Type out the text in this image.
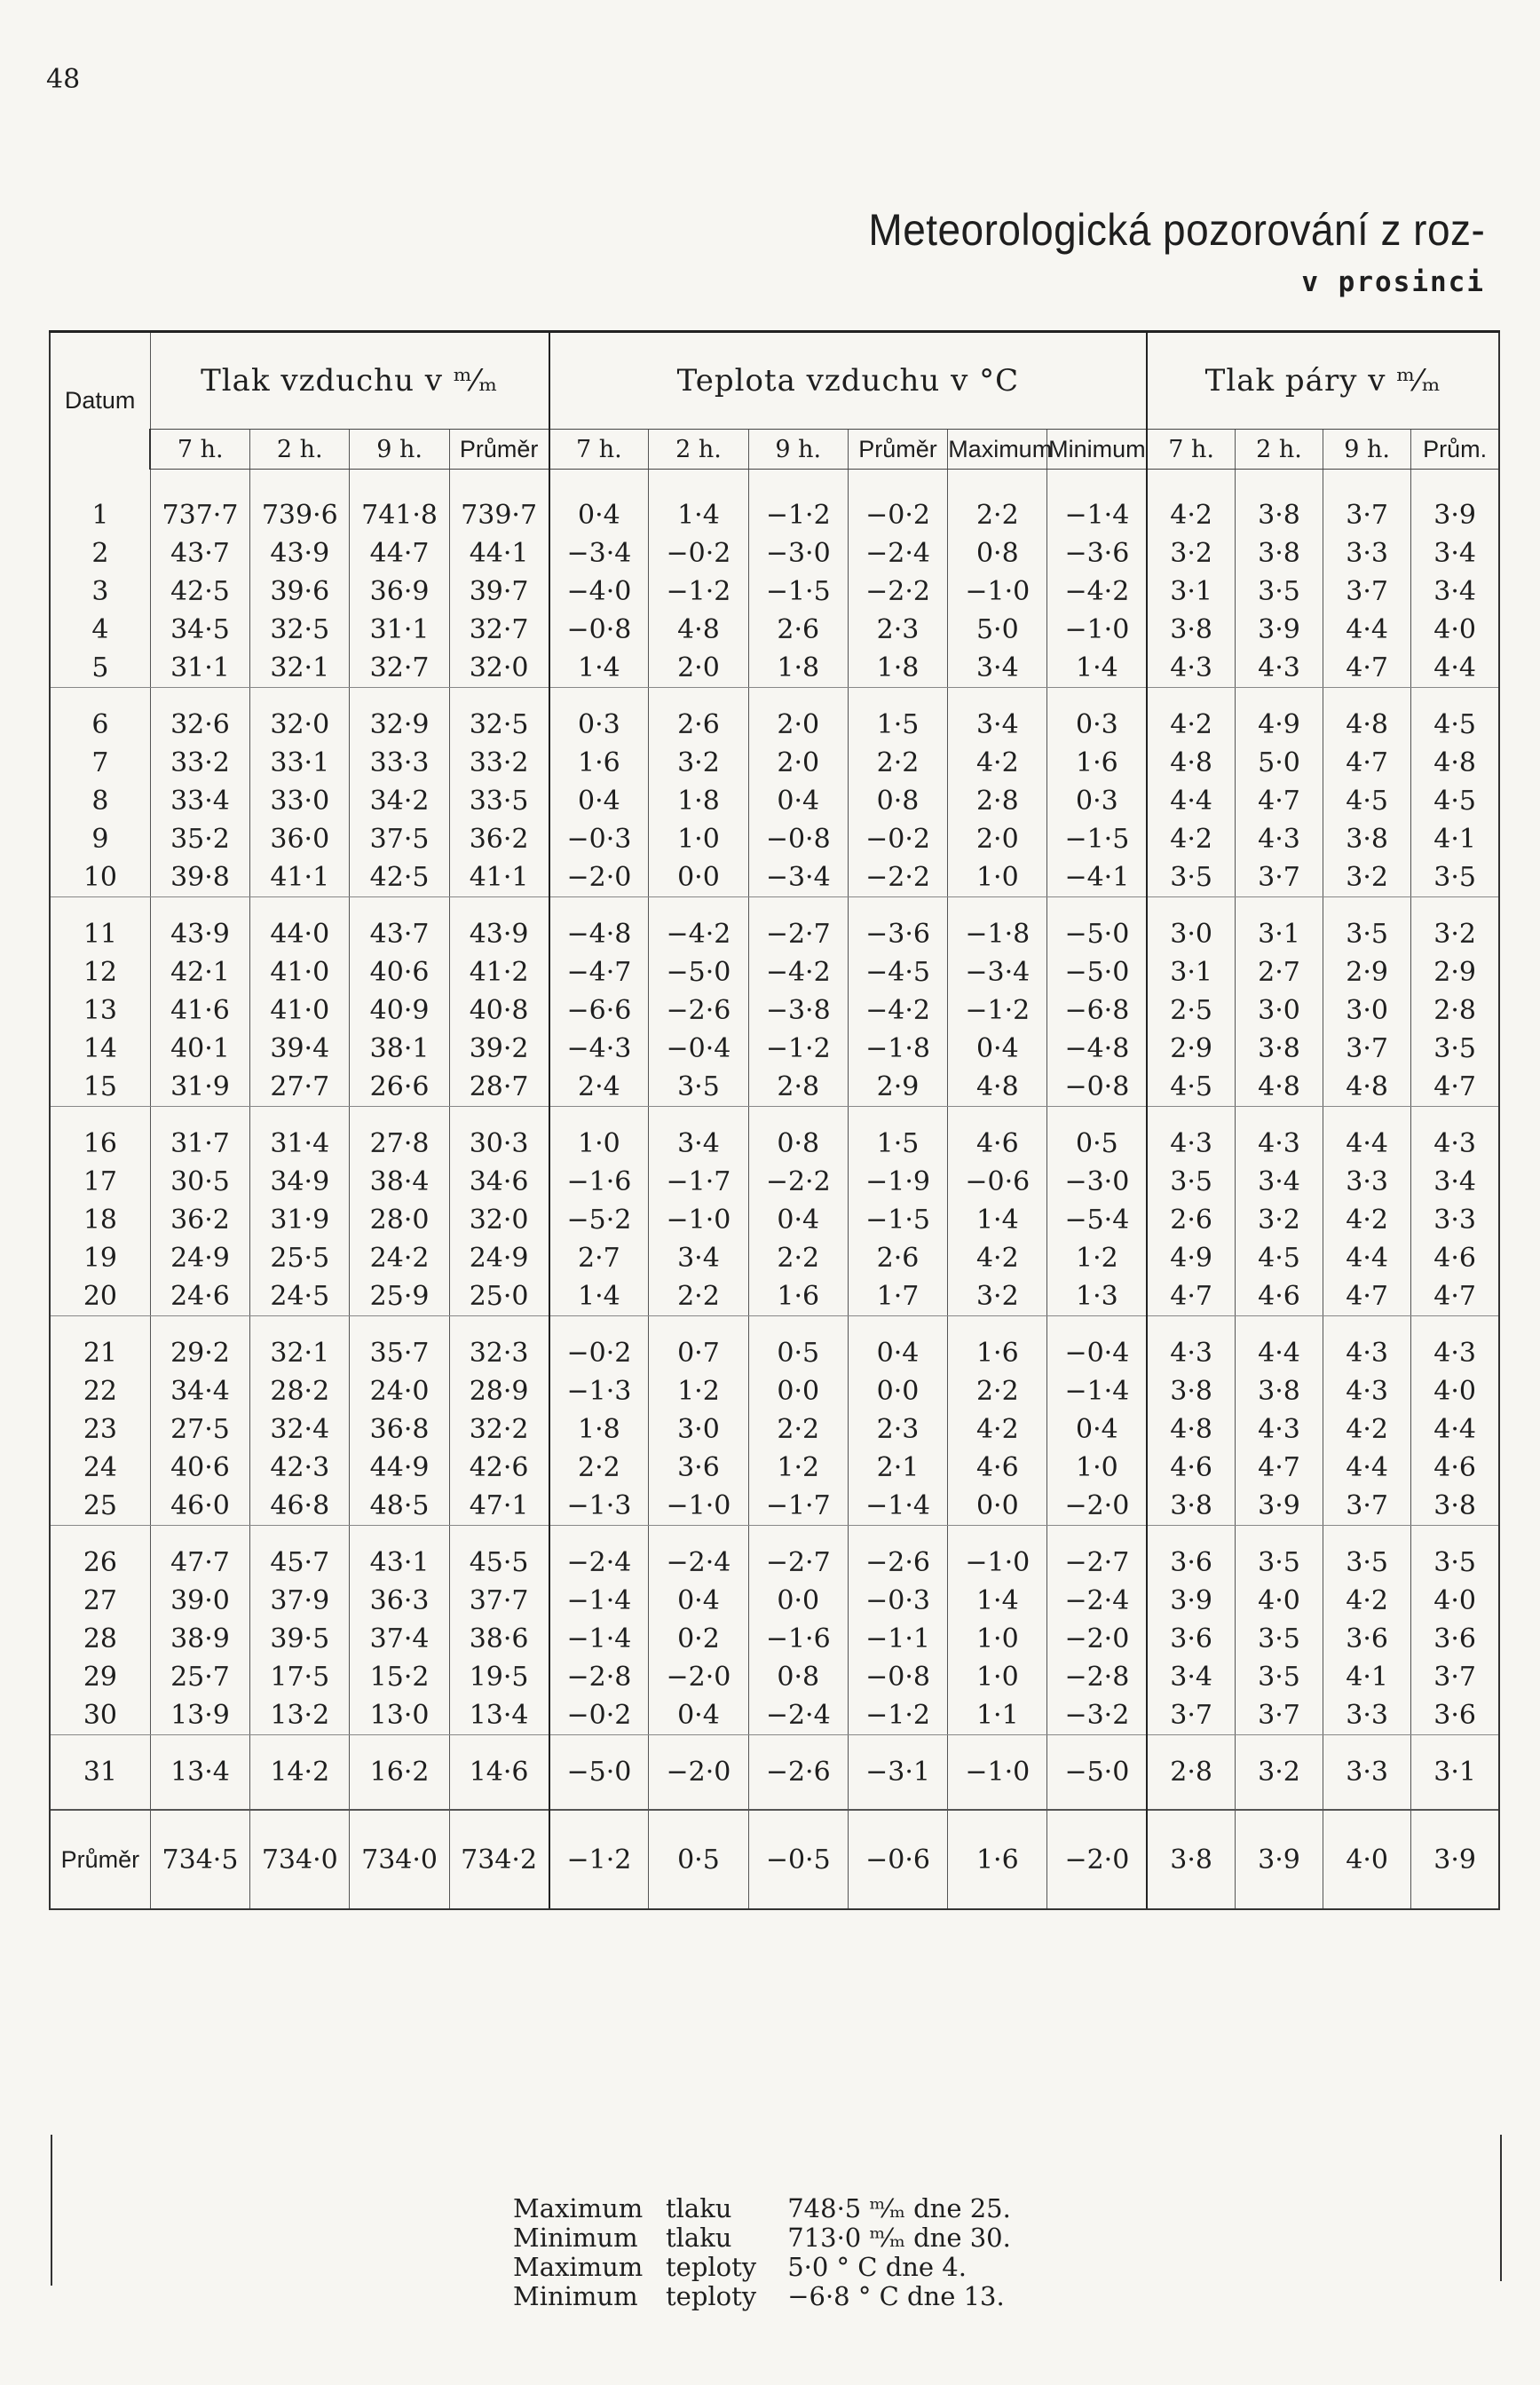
48
Meteorologická pozorování z roz-
v prosinci
Datum	Tlak vzduchu v ᵐ⁄ₘ				Teplota vzduchu v °C						Tlak páry v ᵐ⁄ₘ			
	7 h.	2 h.	9 h.	Průměr	7 h.	2 h.	9 h.	Průměr	Maximum	Minimum	7 h.	2 h.	9 h.	Prům.

1	737·7	739·6	741·8	739·7	0·4	1·4	−1·2	−0·2	2·2	−1·4	4·2	3·8	3·7	3·9
2	43·7	43·9	44·7	44·1	−3·4	−0·2	−3·0	−2·4	0·8	−3·6	3·2	3·8	3·3	3·4
3	42·5	39·6	36·9	39·7	−4·0	−1·2	−1·5	−2·2	−1·0	−4·2	3·1	3·5	3·7	3·4
4	34·5	32·5	31·1	32·7	−0·8	4·8	2·6	2·3	5·0	−1·0	3·8	3·9	4·4	4·0
5	31·1	32·1	32·7	32·0	1·4	2·0	1·8	1·8	3·4	1·4	4·3	4·3	4·7	4·4

6	32·6	32·0	32·9	32·5	0·3	2·6	2·0	1·5	3·4	0·3	4·2	4·9	4·8	4·5
7	33·2	33·1	33·3	33·2	1·6	3·2	2·0	2·2	4·2	1·6	4·8	5·0	4·7	4·8
8	33·4	33·0	34·2	33·5	0·4	1·8	0·4	0·8	2·8	0·3	4·4	4·7	4·5	4·5
9	35·2	36·0	37·5	36·2	−0·3	1·0	−0·8	−0·2	2·0	−1·5	4·2	4·3	3·8	4·1
10	39·8	41·1	42·5	41·1	−2·0	0·0	−3·4	−2·2	1·0	−4·1	3·5	3·7	3·2	3·5

11	43·9	44·0	43·7	43·9	−4·8	−4·2	−2·7	−3·6	−1·8	−5·0	3·0	3·1	3·5	3·2
12	42·1	41·0	40·6	41·2	−4·7	−5·0	−4·2	−4·5	−3·4	−5·0	3·1	2·7	2·9	2·9
13	41·6	41·0	40·9	40·8	−6·6	−2·6	−3·8	−4·2	−1·2	−6·8	2·5	3·0	3·0	2·8
14	40·1	39·4	38·1	39·2	−4·3	−0·4	−1·2	−1·8	0·4	−4·8	2·9	3·8	3·7	3·5
15	31·9	27·7	26·6	28·7	2·4	3·5	2·8	2·9	4·8	−0·8	4·5	4·8	4·8	4·7

16	31·7	31·4	27·8	30·3	1·0	3·4	0·8	1·5	4·6	0·5	4·3	4·3	4·4	4·3
17	30·5	34·9	38·4	34·6	−1·6	−1·7	−2·2	−1·9	−0·6	−3·0	3·5	3·4	3·3	3·4
18	36·2	31·9	28·0	32·0	−5·2	−1·0	0·4	−1·5	1·4	−5·4	2·6	3·2	4·2	3·3
19	24·9	25·5	24·2	24·9	2·7	3·4	2·2	2·6	4·2	1·2	4·9	4·5	4·4	4·6
20	24·6	24·5	25·9	25·0	1·4	2·2	1·6	1·7	3·2	1·3	4·7	4·6	4·7	4·7

21	29·2	32·1	35·7	32·3	−0·2	0·7	0·5	0·4	1·6	−0·4	4·3	4·4	4·3	4·3
22	34·4	28·2	24·0	28·9	−1·3	1·2	0·0	0·0	2·2	−1·4	3·8	3·8	4·3	4·0
23	27·5	32·4	36·8	32·2	1·8	3·0	2·2	2·3	4·2	0·4	4·8	4·3	4·2	4·4
24	40·6	42·3	44·9	42·6	2·2	3·6	1·2	2·1	4·6	1·0	4·6	4·7	4·4	4·6
25	46·0	46·8	48·5	47·1	−1·3	−1·0	−1·7	−1·4	0·0	−2·0	3·8	3·9	3·7	3·8

26	47·7	45·7	43·1	45·5	−2·4	−2·4	−2·7	−2·6	−1·0	−2·7	3·6	3·5	3·5	3·5
27	39·0	37·9	36·3	37·7	−1·4	0·4	0·0	−0·3	1·4	−2·4	3·9	4·0	4·2	4·0
28	38·9	39·5	37·4	38·6	−1·4	0·2	−1·6	−1·1	1·0	−2·0	3·6	3·5	3·6	3·6
29	25·7	17·5	15·2	19·5	−2·8	−2·0	0·8	−0·8	1·0	−2·8	3·4	3·5	4·1	3·7
30	13·9	13·2	13·0	13·4	−0·2	0·4	−2·4	−1·2	1·1	−3·2	3·7	3·7	3·3	3·6

31	13·4	14·2	16·2	14·6	−5·0	−2·0	−2·6	−3·1	−1·0	−5·0	2·8	3·2	3·3	3·1

Průměr	734·5	734·0	734·0	734·2	−1·2	0·5	−0·5	−0·6	1·6	−2·0	3·8	3·9	4·0	3·9
Maximum tlaku 748·5 ᵐ⁄ₘ dne 25.
Minimum tlaku 713·0 ᵐ⁄ₘ dne 30.
Maximum teploty 5·0 ° C dne 4.
Minimum teploty −6·8 ° C dne 13.
